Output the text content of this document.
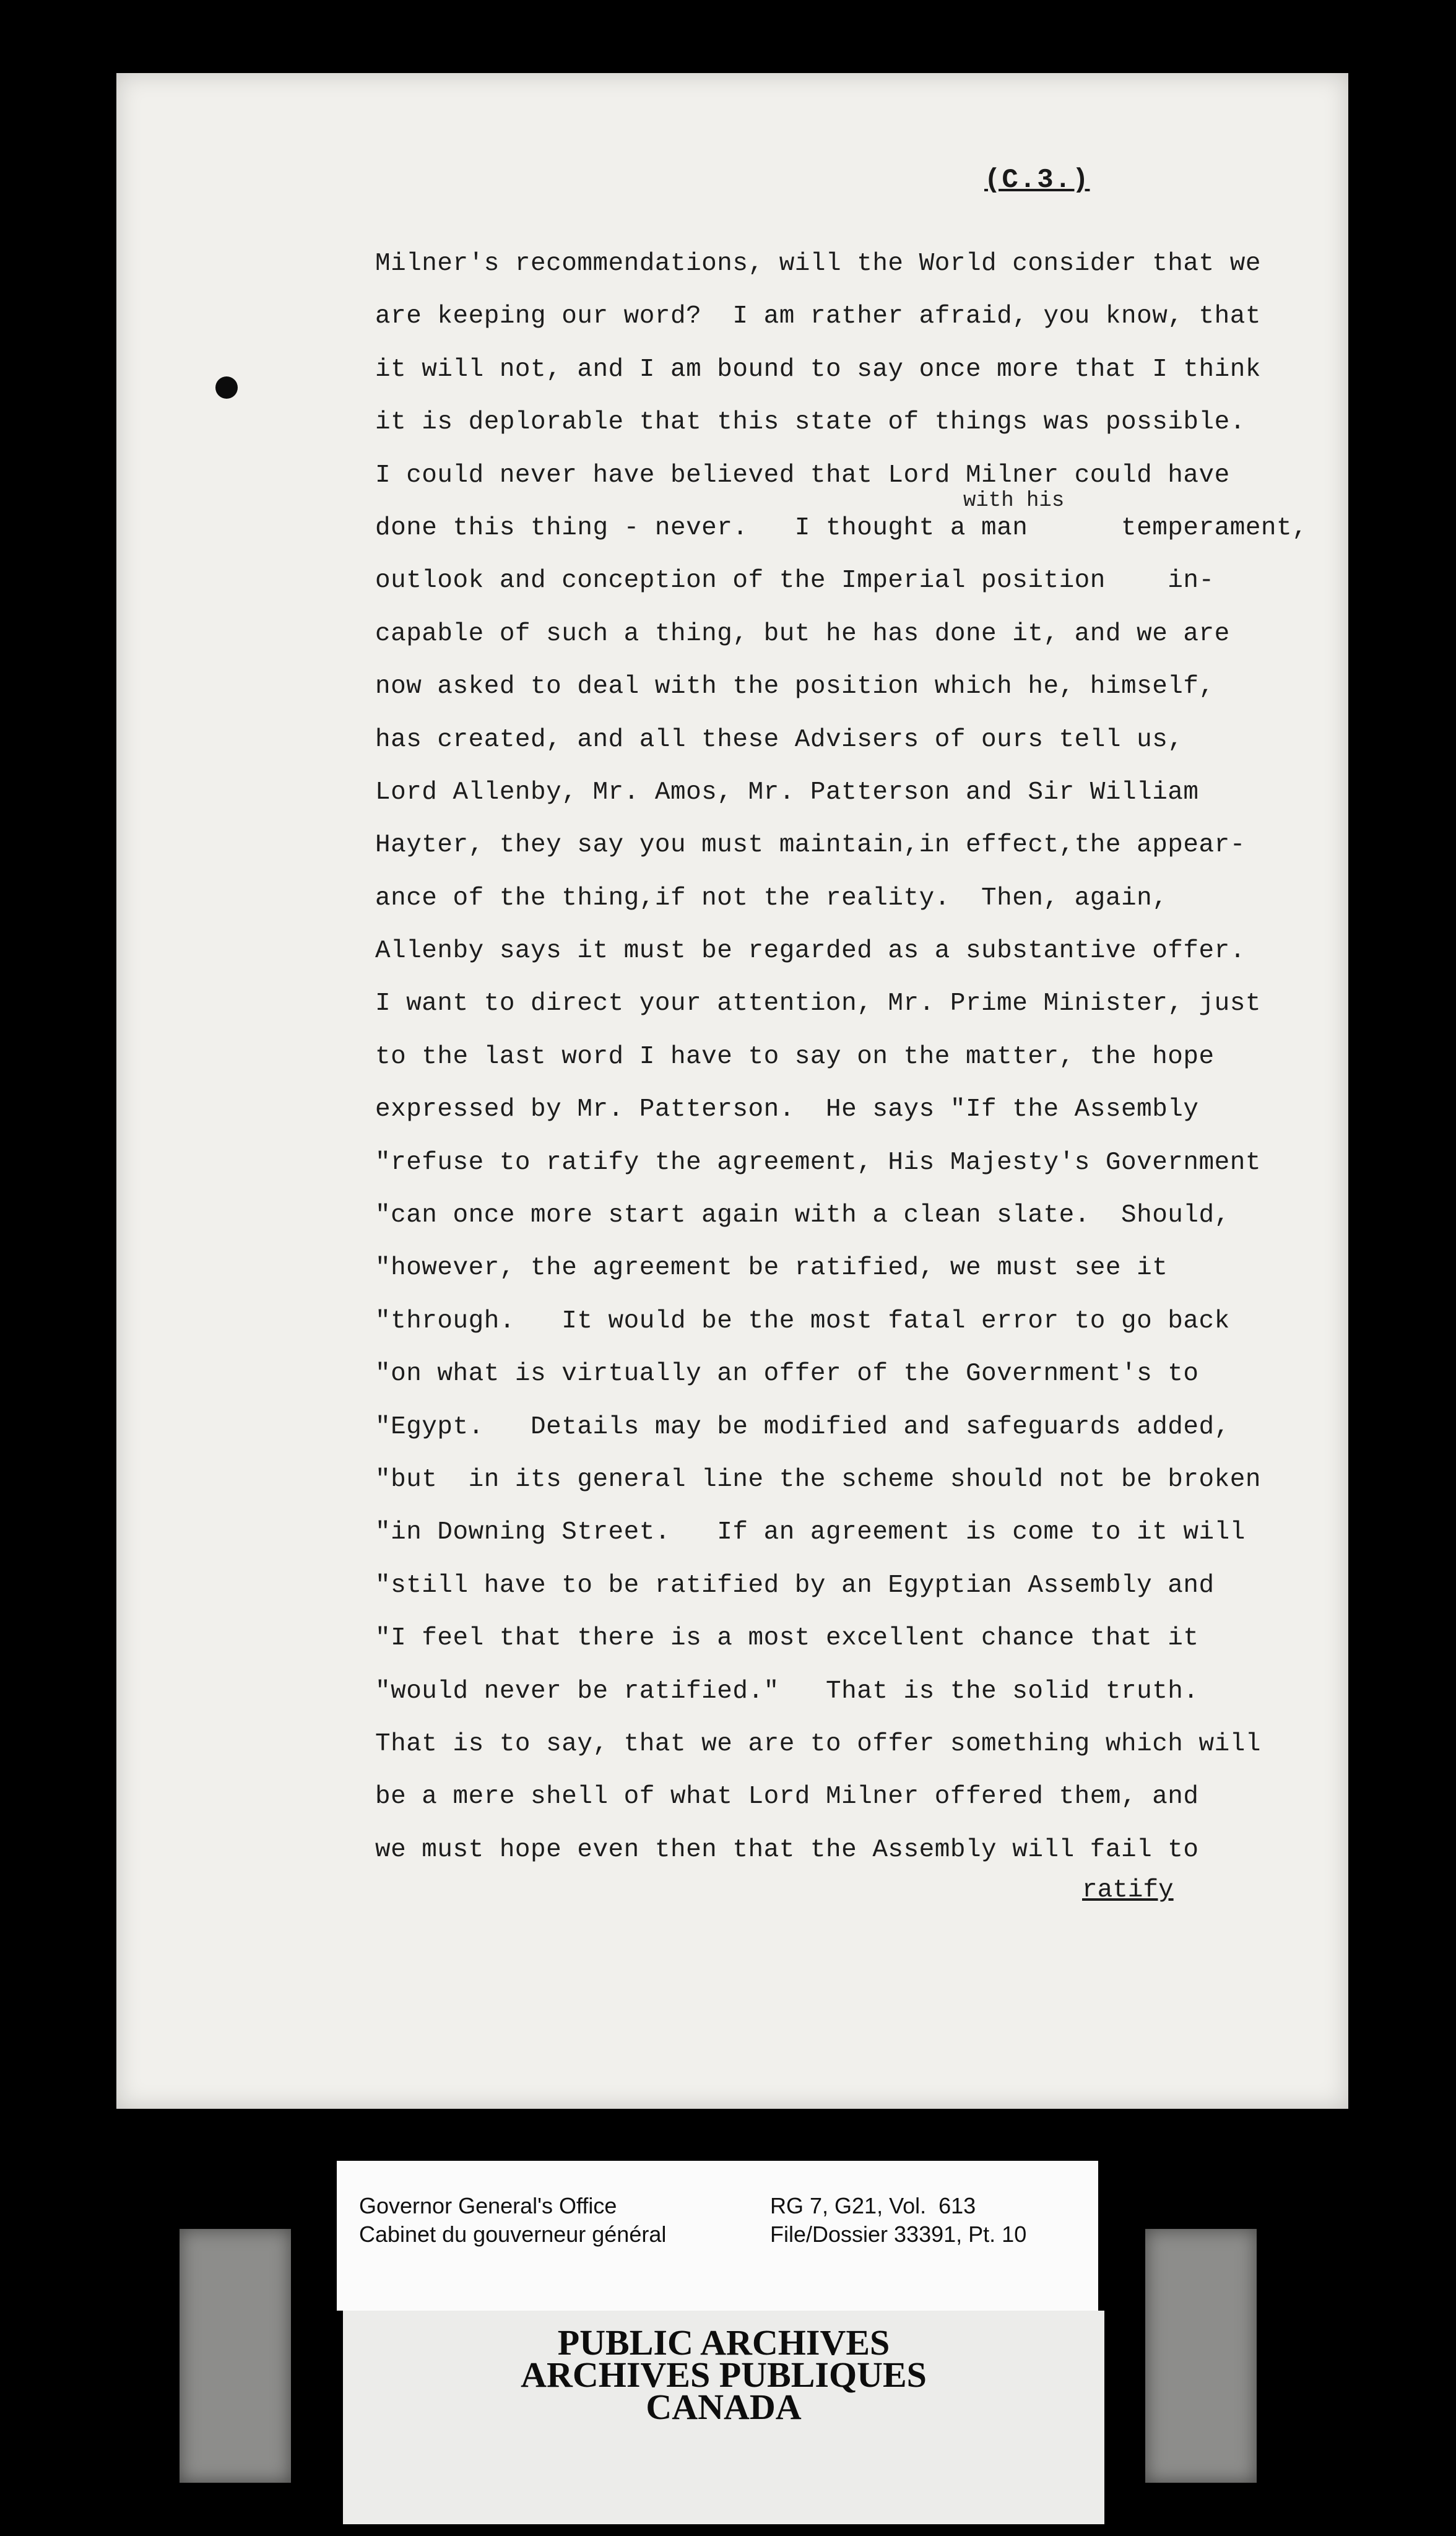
(C.3.)
with his
Milner's recommendations, will the World consider that we
are keeping our word?  I am rather afraid, you know, that
it will not, and I am bound to say once more that I think
it is deplorable that this state of things was possible.
I could never have believed that Lord Milner could have
done this thing - never.   I thought a man      temperament,
outlook and conception of the Imperial position    in-
capable of such a thing, but he has done it, and we are
now asked to deal with the position which he, himself,
has created, and all these Advisers of ours tell us,
Lord Allenby, Mr. Amos, Mr. Patterson and Sir William
Hayter, they say you must maintain,in effect,the appear-
ance of the thing,if not the reality.  Then, again,
Allenby says it must be regarded as a substantive offer.
I want to direct your attention, Mr. Prime Minister, just
to the last word I have to say on the matter, the hope
expressed by Mr. Patterson.  He says "If the Assembly
"refuse to ratify the agreement, His Majesty's Government
"can once more start again with a clean slate.  Should,
"however, the agreement be ratified, we must see it
"through.   It would be the most fatal error to go back
"on what is virtually an offer of the Government's to
"Egypt.   Details may be modified and safeguards added,
"but  in its general line the scheme should not be broken
"in Downing Street.   If an agreement is come to it will
"still have to be ratified by an Egyptian Assembly and
"I feel that there is a most excellent chance that it
"would never be ratified."   That is the solid truth.
That is to say, that we are to offer something which will
be a mere shell of what Lord Milner offered them, and
we must hope even then that the Assembly will fail to
ratify
Governor General's Office
Cabinet du gouverneur général
RG 7, G21, Vol.  613
File/Dossier 33391, Pt. 10
PUBLIC ARCHIVES
ARCHIVES PUBLIQUES
CANADA
